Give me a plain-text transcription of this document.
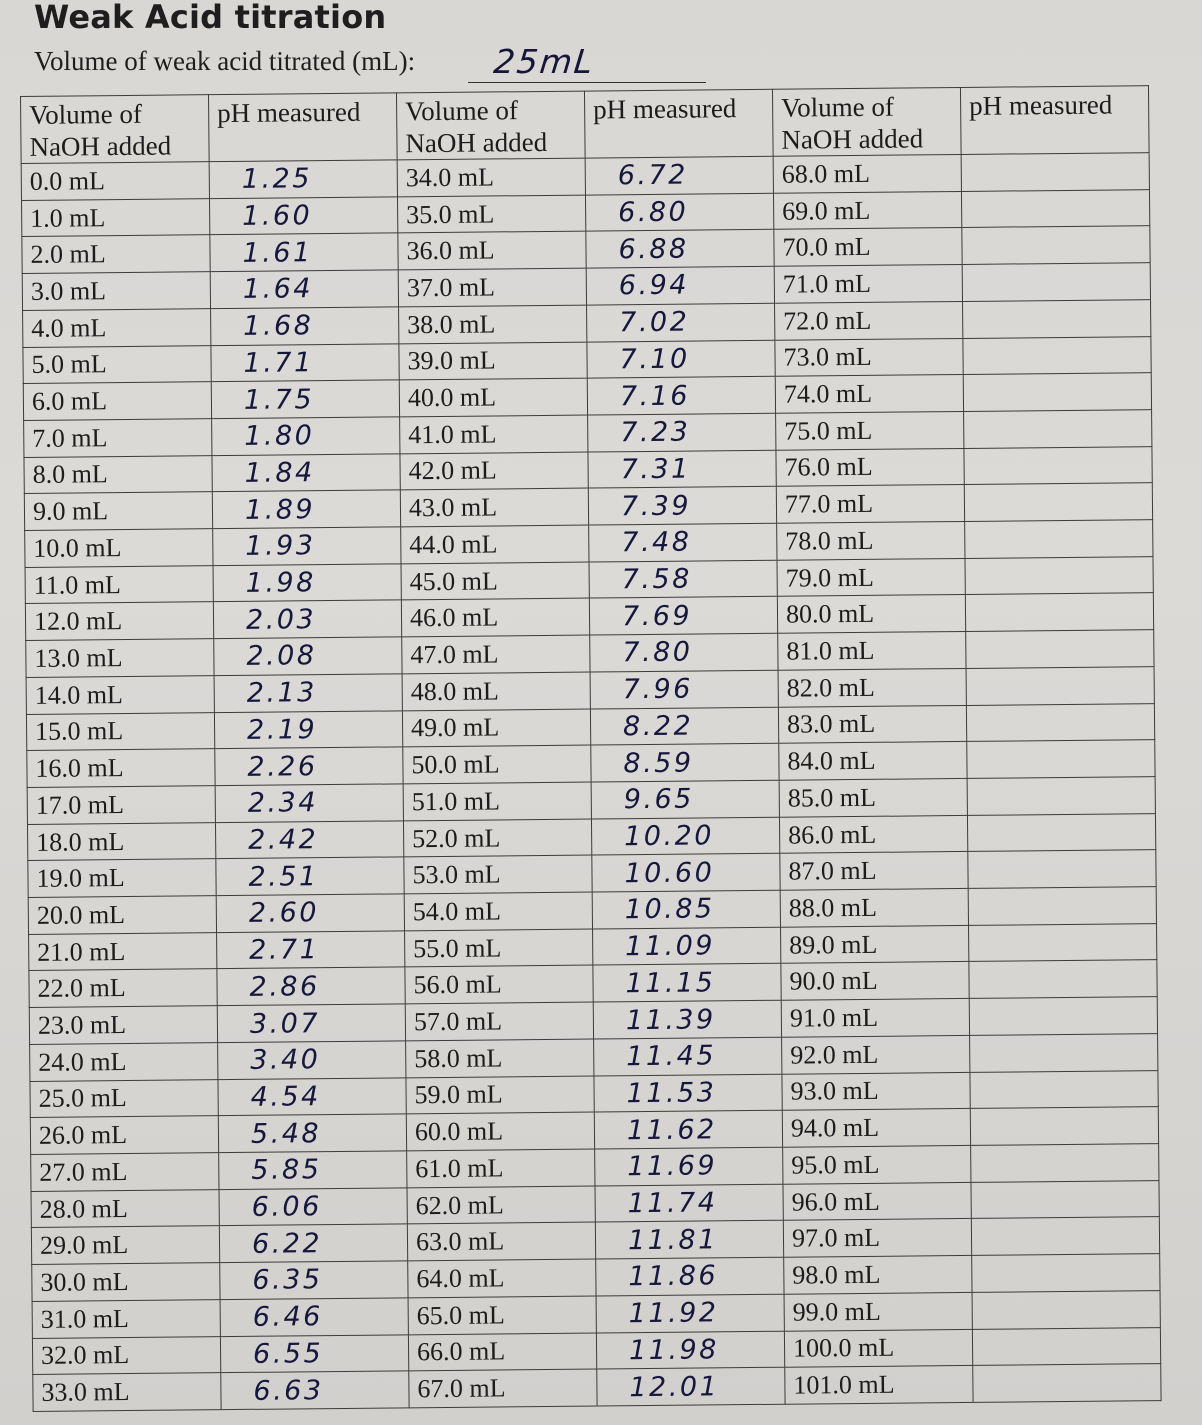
Weak Acid titration
Volume of weak acid titrated (mL): 25mL
Volume of NaOH added	pH measured	Volume of NaOH added	pH measured	Volume of NaOH added	pH measured
0.0 mL	1.25	34.0 mL	6.72	68.0 mL	
1.0 mL	1.60	35.0 mL	6.80	69.0 mL	
2.0 mL	1.61	36.0 mL	6.88	70.0 mL	
3.0 mL	1.64	37.0 mL	6.94	71.0 mL	
4.0 mL	1.68	38.0 mL	7.02	72.0 mL	
5.0 mL	1.71	39.0 mL	7.10	73.0 mL	
6.0 mL	1.75	40.0 mL	7.16	74.0 mL	
7.0 mL	1.80	41.0 mL	7.23	75.0 mL	
8.0 mL	1.84	42.0 mL	7.31	76.0 mL	
9.0 mL	1.89	43.0 mL	7.39	77.0 mL	
10.0 mL	1.93	44.0 mL	7.48	78.0 mL	
11.0 mL	1.98	45.0 mL	7.58	79.0 mL	
12.0 mL	2.03	46.0 mL	7.69	80.0 mL	
13.0 mL	2.08	47.0 mL	7.80	81.0 mL	
14.0 mL	2.13	48.0 mL	7.96	82.0 mL	
15.0 mL	2.19	49.0 mL	8.22	83.0 mL	
16.0 mL	2.26	50.0 mL	8.59	84.0 mL	
17.0 mL	2.34	51.0 mL	9.65	85.0 mL	
18.0 mL	2.42	52.0 mL	10.20	86.0 mL	
19.0 mL	2.51	53.0 mL	10.60	87.0 mL	
20.0 mL	2.60	54.0 mL	10.85	88.0 mL	
21.0 mL	2.71	55.0 mL	11.09	89.0 mL	
22.0 mL	2.86	56.0 mL	11.15	90.0 mL	
23.0 mL	3.07	57.0 mL	11.39	91.0 mL	
24.0 mL	3.40	58.0 mL	11.45	92.0 mL	
25.0 mL	4.54	59.0 mL	11.53	93.0 mL	
26.0 mL	5.48	60.0 mL	11.62	94.0 mL	
27.0 mL	5.85	61.0 mL	11.69	95.0 mL	
28.0 mL	6.06	62.0 mL	11.74	96.0 mL	
29.0 mL	6.22	63.0 mL	11.81	97.0 mL	
30.0 mL	6.35	64.0 mL	11.86	98.0 mL	
31.0 mL	6.46	65.0 mL	11.92	99.0 mL	
32.0 mL	6.55	66.0 mL	11.98	100.0 mL	
33.0 mL	6.63	67.0 mL	12.01	101.0 mL	
